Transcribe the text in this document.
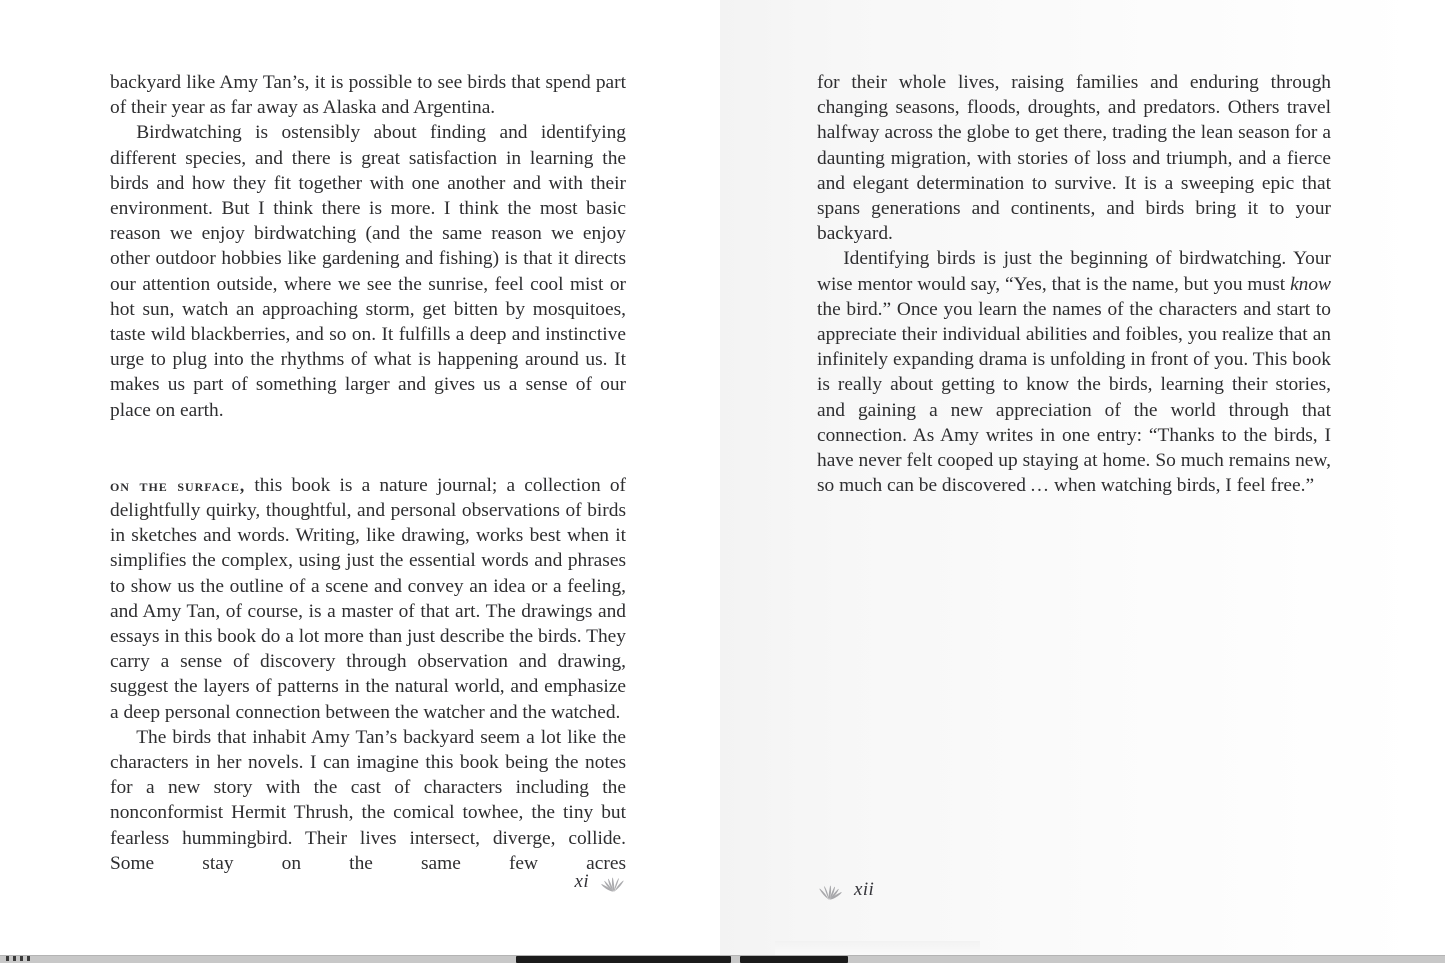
backyard like Amy Tan’s, it is possible to see birds that spend part of their year as far away as Alaska and Argentina.

Birdwatching is ostensibly about finding and identifying different species, and there is great satisfaction in learning the birds and how they fit together with one another and with their environment. But I think there is more. I think the most basic reason we enjoy birdwatching (and the same reason we enjoy other outdoor hobbies like gardening and fishing) is that it directs our attention outside, where we see the sunrise, feel cool mist or hot sun, watch an approaching storm, get bitten by mosquitoes, taste wild blackberries, and so on. It fulfills a deep and instinctive urge to plug into the rhythms of what is happening around us. It makes us part of something larger and gives us a sense of our place on earth.

on the surface, this book is a nature journal; a collection of delightfully quirky, thoughtful, and personal observations of birds in sketches and words. Writing, like drawing, works best when it simplifies the complex, using just the essential words and phrases to show us the outline of a scene and convey an idea or a feeling, and Amy Tan, of course, is a master of that art. The drawings and essays in this book do a lot more than just describe the birds. They carry a sense of discovery through observation and drawing, suggest the layers of patterns in the natural world, and emphasize a deep personal connection between the watcher and the watched.

The birds that inhabit Amy Tan’s backyard seem a lot like the characters in her novels. I can imagine this book being the notes for a new story with the cast of characters including the nonconformist Hermit Thrush, the comical towhee, the tiny but fearless hummingbird. Their lives intersect, diverge, collide. Some stay on the same few acres

xi

for their whole lives, raising families and enduring through changing seasons, floods, droughts, and predators. Others travel halfway across the globe to get there, trading the lean season for a daunting migration, with stories of loss and triumph, and a fierce and elegant determination to survive. It is a sweeping epic that spans generations and continents, and birds bring it to your backyard.

Identifying birds is just the beginning of birdwatching. Your wise mentor would say, “Yes, that is the name, but you must know the bird.” Once you learn the names of the characters and start to appreciate their individual abilities and foibles, you realize that an infinitely expanding drama is unfolding in front of you. This book is really about getting to know the birds, learning their stories, and gaining a new appreciation of the world through that connection. As Amy writes in one entry: “Thanks to the birds, I have never felt cooped up staying at home. So much remains new, so much can be discovered … when watching birds, I feel free.”

xii
